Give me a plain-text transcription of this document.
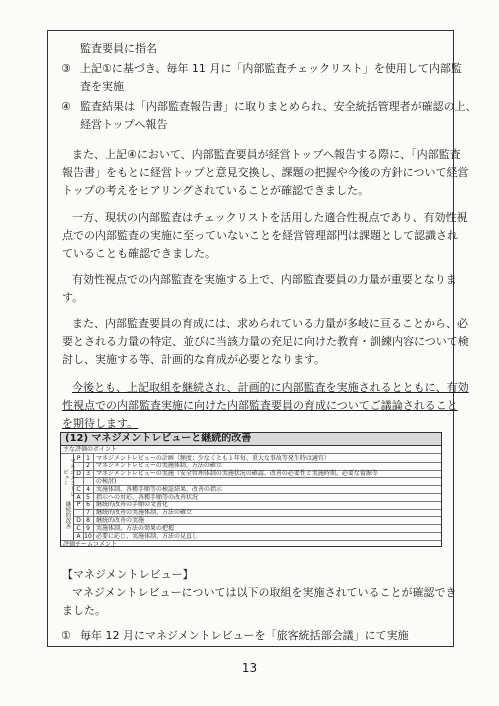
監査要員に指名
③ 上記①に基づき、毎年 11 月に「内部監査チェックリスト」を使用して内部監
査を実施
④ 監査結果は「内部監査報告書」に取りまとめられ、安全統括管理者が確認の上、
経営トップへ報告
また、上記④において、内部監査要員が経営トップへ報告する際に、「内部監査
報告書」をもとに経営トップと意見交換し、課題の把握や今後の方針について経営
トップの考えをヒアリングされていることが確認できました。
一方、現状の内部監査はチェックリストを活用した適合性視点であり、有効性視
点での内部監査の実施に至っていないことを経営管理部門は課題として認識され
ていることも確認できました。
有効性視点での内部監査を実施する上で、内部監査要員の力量が重要となりま
す。
また、内部監査要員の育成には、求められている力量が多岐に亘ることから、必
要とされる力量の特定、並びに当該力量の充足に向けた教育・訓練内容について検
討し、実施する等、計画的な育成が必要となります。
今後とも、上記取組を継続され、計画的に内部監査を実施されるとともに、有効
性視点での内部監査実施に向けた内部監査要員の育成についてご議論されること
を期待します。
(12) マネジメントレビューと継続的改善
主な評価のポイント
マネジメントレビュー
継続的改善
P 1	マネジメントレビューの計画（頻度：少なくとも１年毎、重大な事故等発生時は適宜）
2	マネジメントレビューの実施体制、方法の確立
D 3	マネジメントレビューの実施（安全管理体制の実施状況の確認、改善の必要性と実施時期、必要な資源等
の検討)
C 4	実施体制、各種手順等の検証結果、改善の指示
A 5	指示への対応、各種手順等の改善状況
P 6	継続的改善の手順の文書化
7	継続的改善の実施体制、方法の確立
D 8	継続的改善の実施
C 9	実施体制、方法の効果の把握
A 10 必要に応じ、実施体制、方法の見直し
評価チームコメント
【マネジメントレビュー】
マネジメントレビューについては以下の取組を実施されていることが確認でき
ました。
① 毎年 12 月にマネジメントレビューを「旅客統括部会議」にて実施
13
